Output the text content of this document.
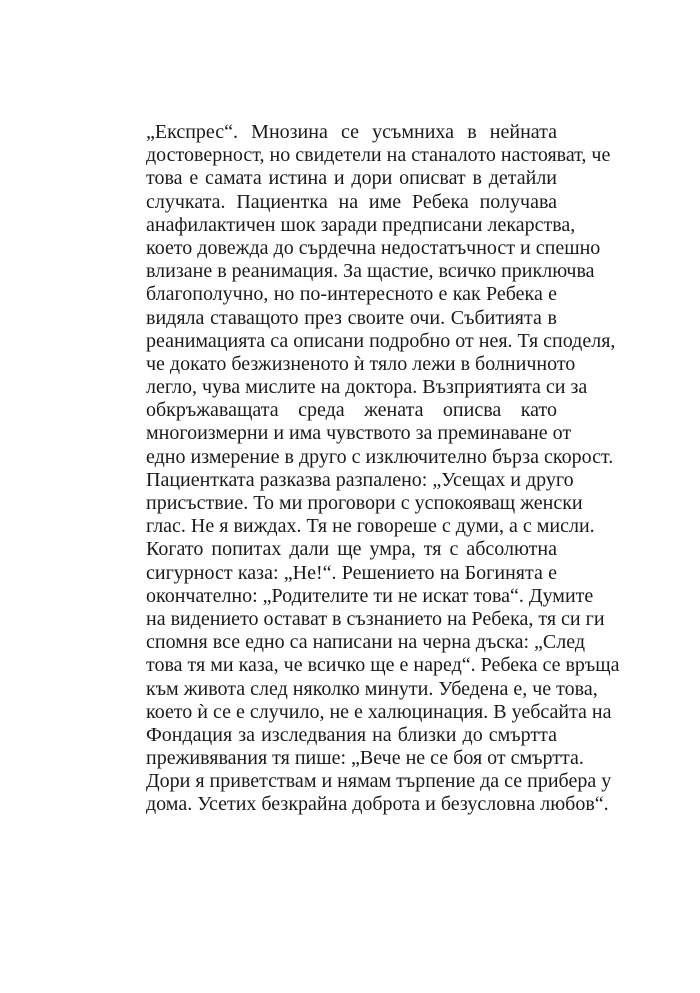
„Експрес“. Мнозина се усъмниха в нейната
достоверност, но свидетели на станалото настояват, че
това е самата истина и дори описват в детайли
случката. Пациентка на име Ребека получава
анафилактичен шок заради предписани лекарства,
което довежда до сърдечна недостатъчност и спешно
влизане в реанимация. За щастие, всичко приключва
благополучно, но по-интересното е как Ребека е
видяла ставащото през своите очи. Събитията в
реанимацията са описани подробно от нея. Тя споделя,
че докато безжизненото ѝ тяло лежи в болничното
легло, чува мислите на доктора. Възприятията си за
обкръжаващата среда жената описва като
многоизмерни и има чувството за преминаване от
едно измерение в друго с изключително бърза скорост.
Пациентката разказва разпалено: „Усещах и друго
присъствие. То ми проговори с успокояващ женски
глас. Не я виждах. Тя не говореше с думи, а с мисли.
Когато попитах дали ще умра, тя с абсолютна
сигурност каза: „Не!“. Решението на Богинята е
окончателно: „Родителите ти не искат това“. Думите
на видението остават в съзнанието на Ребека, тя си ги
спомня все едно са написани на черна дъска: „След
това тя ми каза, че всичко ще е наред“. Ребека се връща
към живота след няколко минути. Убедена е, че това,
което ѝ се е случило, не е халюцинация. В уебсайта на
Фондация за изследвания на близки до смъртта
преживявания тя пише: „Вече не се боя от смъртта.
Дори я приветствам и нямам търпение да се прибера у
дома. Усетих безкрайна доброта и безусловна любов“.
